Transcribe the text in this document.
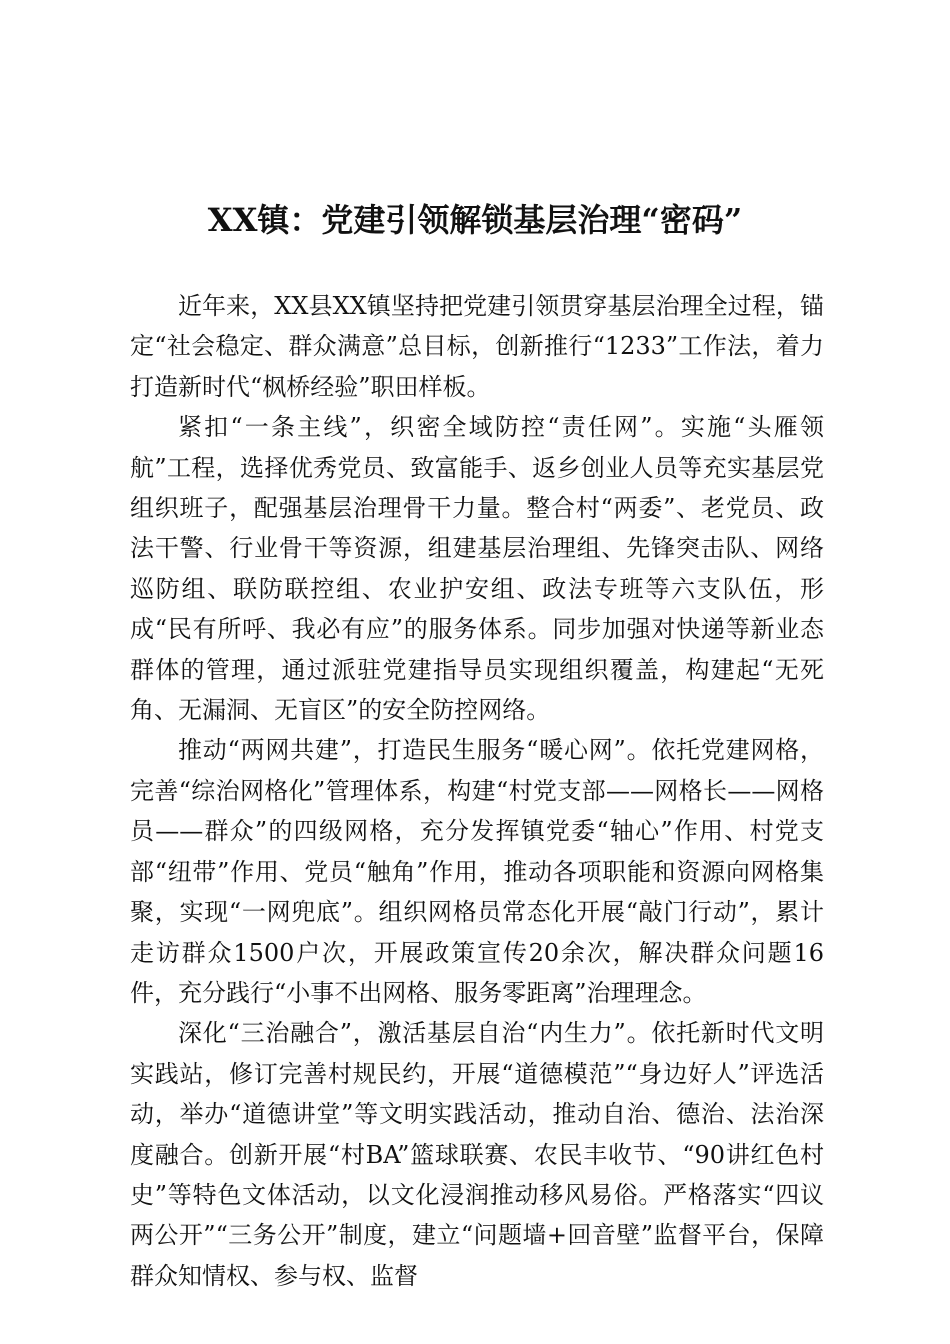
XX镇：党建引领解锁基层治理“密码”

近年来，XX县XX镇坚持把党建引领贯穿基层治理全过程，锚定“社会稳定、群众满意”总目标，创新推行“1233”工作法，着力打造新时代“枫桥经验”职田样板。

紧扣“一条主线”，织密全域防控“责任网”。实施“头雁领航”工程，选择优秀党员、致富能手、返乡创业人员等充实基层党组织班子，配强基层治理骨干力量。整合村“两委”、老党员、政法干警、行业骨干等资源，组建基层治理组、先锋突击队、网络巡防组、联防联控组、农业护安组、政法专班等六支队伍，形成“民有所呼、我必有应”的服务体系。同步加强对快递等新业态群体的管理，通过派驻党建指导员实现组织覆盖，构建起“无死角、无漏洞、无盲区”的安全防控网络。

推动“两网共建”，打造民生服务“暖心网”。依托党建网格，完善“综治网格化”管理体系，构建“村党支部——网格长——网格员——群众”的四级网格，充分发挥镇党委“轴心”作用、村党支部“纽带”作用、党员“触角”作用，推动各项职能和资源向网格集聚，实现“一网兜底”。组织网格员常态化开展“敲门行动”，累计走访群众1500户次，开展政策宣传20余次，解决群众问题16件，充分践行“小事不出网格、服务零距离”治理理念。

深化“三治融合”，激活基层自治“内生力”。依托新时代文明实践站，修订完善村规民约，开展“道德模范”“身边好人”评选活动，举办“道德讲堂”等文明实践活动，推动自治、德治、法治深度融合。创新开展“村BA”篮球联赛、农民丰收节、“90讲红色村史”等特色文体活动，以文化浸润推动移风易俗。严格落实“四议两公开”“三务公开”制度，建立“问题墙+回音壁”监督平台，保障群众知情权、参与权、监督
